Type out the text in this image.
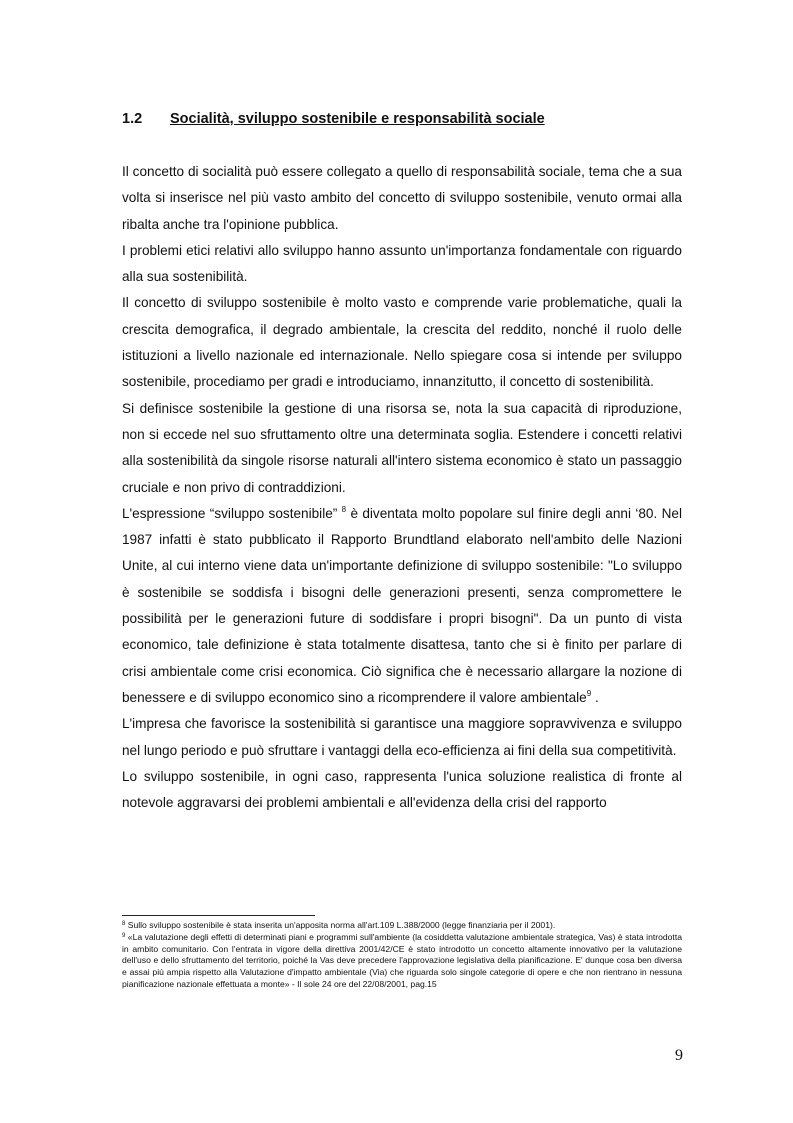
1.2 Socialità, sviluppo sostenibile e responsabilità sociale

Il concetto di socialità può essere collegato a quello di responsabilità sociale, tema che a sua volta si inserisce nel più vasto ambito del concetto di sviluppo sostenibile, venuto ormai alla ribalta anche tra l'opinione pubblica.

I problemi etici relativi allo sviluppo hanno assunto un'importanza fondamentale con riguardo alla sua sostenibilità.

Il concetto di sviluppo sostenibile è molto vasto e comprende varie problematiche, quali la crescita demografica, il degrado ambientale, la crescita del reddito, nonché il ruolo delle istituzioni a livello nazionale ed internazionale. Nello spiegare cosa si intende per sviluppo sostenibile, procediamo per gradi e introduciamo, innanzitutto, il concetto di sostenibilità.

Si definisce sostenibile la gestione di una risorsa se, nota la sua capacità di riproduzione, non si eccede nel suo sfruttamento oltre una determinata soglia. Estendere i concetti relativi alla sostenibilità da singole risorse naturali all'intero sistema economico è stato un passaggio cruciale e non privo di contraddizioni.

L'espressione “sviluppo sostenibile” $^8$ è diventata molto popolare sul finire degli anni ‘80. Nel 1987 infatti è stato pubblicato il Rapporto Brundtland elaborato nell'ambito delle Nazioni Unite, al cui interno viene data un'importante definizione di sviluppo sostenibile: "Lo sviluppo è sostenibile se soddisfa i bisogni delle generazioni presenti, senza compromettere le possibilità per le generazioni future di soddisfare i propri bisogni". Da un punto di vista economico, tale definizione è stata totalmente disattesa, tanto che si è finito per parlare di crisi ambientale come crisi economica. Ciò significa che è necessario allargare la nozione di benessere e di sviluppo economico sino a ricomprendere il valore ambientale$^9$ .

L'impresa che favorisce la sostenibilità si garantisce una maggiore sopravvivenza e sviluppo nel lungo periodo e può sfruttare i vantaggi della eco-efficienza ai fini della sua competitività.

Lo sviluppo sostenibile, in ogni caso, rappresenta l'unica soluzione realistica di fronte al notevole aggravarsi dei problemi ambientali e all'evidenza della crisi del rapporto

$^8$ Sullo sviluppo sostenibile è stata inserita un'apposita norma all'art.109 L.388/2000 (legge finanziaria per il 2001).

$^9$ «La valutazione degli effetti di determinati piani e programmi sull'ambiente (la cosiddetta valutazione ambientale strategica, Vas) è stata introdotta in ambito comunitario. Con l'entrata in vigore della direttiva 2001/42/CE è stato introdotto un concetto altamente innovativo per la valutazione dell'uso e dello sfruttamento del territorio, poiché la Vas deve precedere l'approvazione legislativa della pianificazione. E' dunque cosa ben diversa e assai più ampia rispetto alla Valutazione d'impatto ambientale (Via) che riguarda solo singole categorie di opere e che non rientrano in nessuna pianificazione nazionale effettuata a monte» - Il sole 24 ore del 22/08/2001, pag.15

9
